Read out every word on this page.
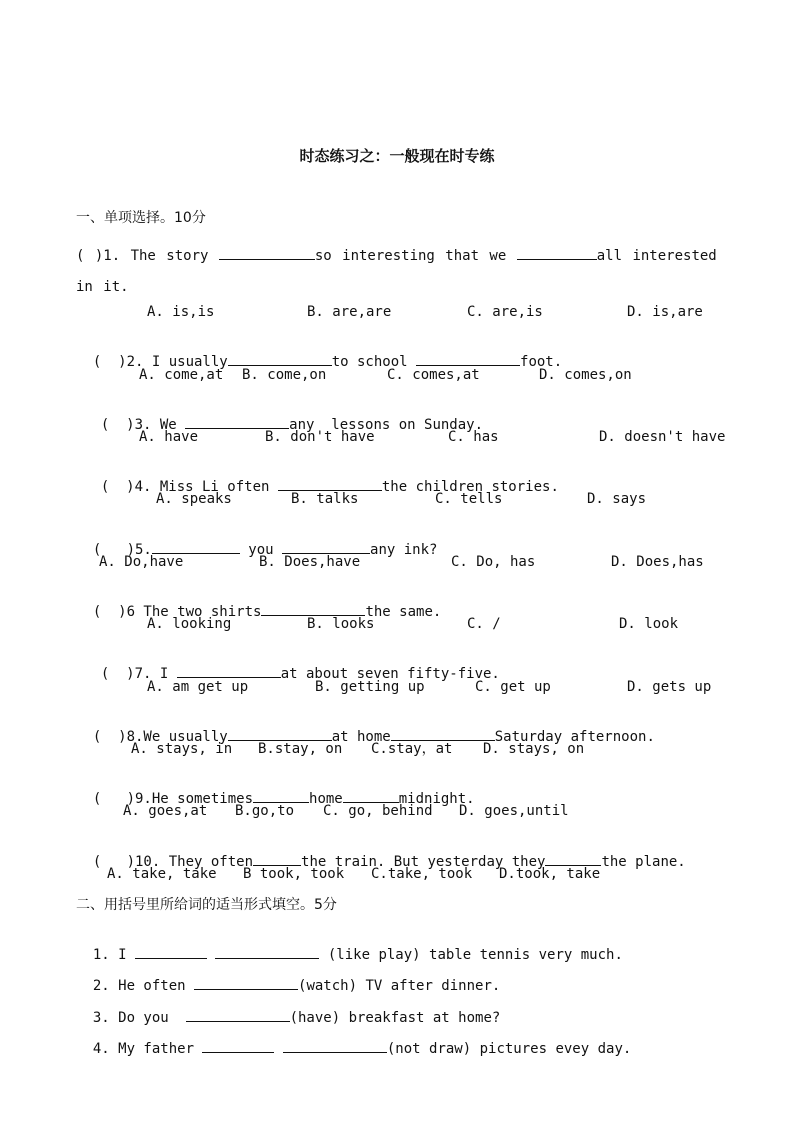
时态练习之：一般现在时专练
一、单项选择。10分
( )1. The story	so interesting that we	all interested in it.
A. is,is	B. are,are	C. are,is	D. is,are

(  )2. I usually	to school	foot.

A. come,at B. come,on	C. comes,at	D. comes,on

(  )3. We	any  lessons on Sunday.

A. have	B. don't have	C. has	D. doesn't have

(  )4. Miss Li often	the children stories.

A. speaks	B. talks	C. tells	D. says

(   )5.	you	any ink?

A. Do,have	B. Does,have	C. Do, has	D. Does,has

(  )6 The two shirts	the same.

A. looking	B. looks	C. /	D. look

(  )7. I	at about seven fifty-five.

A. am get up	B. getting up	C. get up	D. gets up

(  )8.We usually	at home	Saturday afternoon.

A. stays, in B.stay, on C.stay，at D. stays, on

(   )9.He sometimes	home	midnight.

A. goes,at B.go,to C. go, behind D. goes,until

(   )10. They often	the train. But yesterday they	the plane.

A. take, take B took, took C.take, took D.took, take
二、用括号里所给词的适当形式填空。5分

1. I	(like play) table tennis very much.

2. He often	(watch) TV after dinner.

3. Do you	(have) breakfast at home?

4. My father	(not draw) pictures evey day.
